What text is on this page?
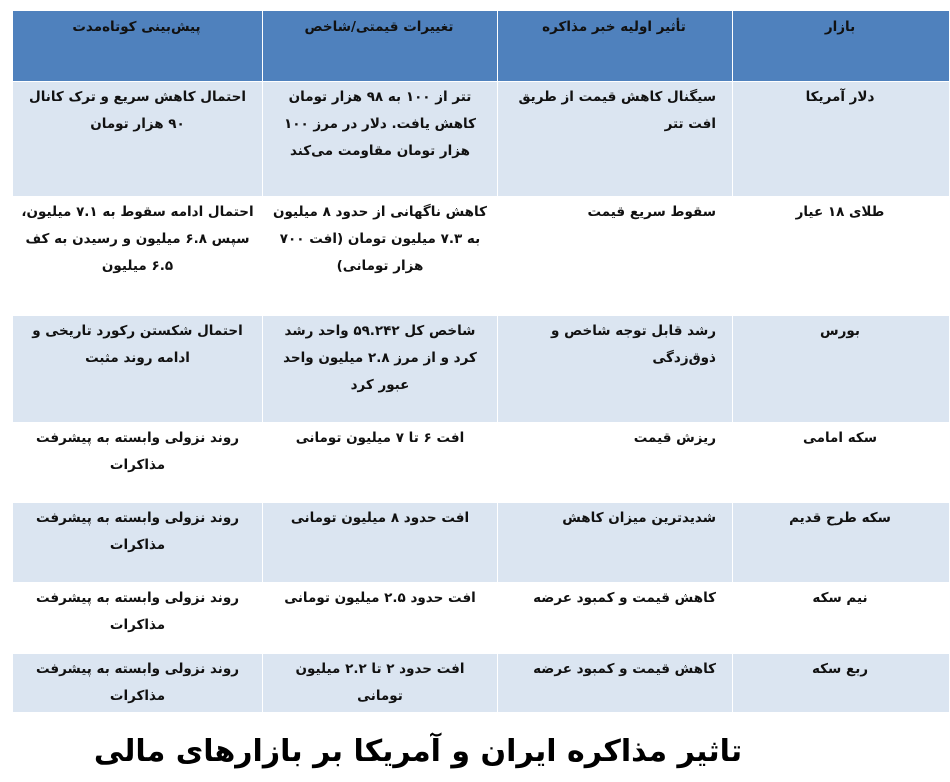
بازار	تأثیر اولیه خبر مذاکره	تغییرات قیمتی/شاخص	پیش‌بینی کوتاه‌مدت
دلار آمریکا	سیگنال کاهش قیمت از طریق افت تتر	تتر از ۱۰۰ به ۹۸ هزار تومان کاهش یافت. دلار در مرز ۱۰۰ هزار تومان مقاومت می‌کند	احتمال کاهش سریع و ترک کانال ۹۰ هزار تومان
طلای ۱۸ عیار	سقوط سریع قیمت	کاهش ناگهانی از حدود ۸ میلیون به ۷.۳ میلیون تومان (افت ۷۰۰ هزار تومانی)	احتمال ادامه سقوط به ۷.۱ میلیون، سپس ۶.۸ میلیون و رسیدن به کف ۶.۵ میلیون
بورس	رشد قابل توجه شاخص و ذوق‌زدگی	شاخص کل ۵۹.۲۴۲ واحد رشد کرد و از مرز ۲.۸ میلیون واحد عبور کرد	احتمال شکستن رکورد تاریخی و ادامه روند مثبت
سکه امامی	ریزش قیمت	افت ۶ تا ۷ میلیون تومانی	روند نزولی وابسته به پیشرفت مذاکرات
سکه طرح قدیم	شدیدترین میزان کاهش	افت حدود ۸ میلیون تومانی	روند نزولی وابسته به پیشرفت مذاکرات
نیم سکه	کاهش قیمت و کمبود عرضه	افت حدود ۲.۵ میلیون تومانی	روند نزولی وابسته به پیشرفت مذاکرات
ربع سکه	کاهش قیمت و کمبود عرضه	افت حدود ۲ تا ۲.۲ میلیون تومانی	روند نزولی وابسته به پیشرفت مذاکرات
تاثیر مذاکره ایران و آمریکا بر بازارهای مالی
